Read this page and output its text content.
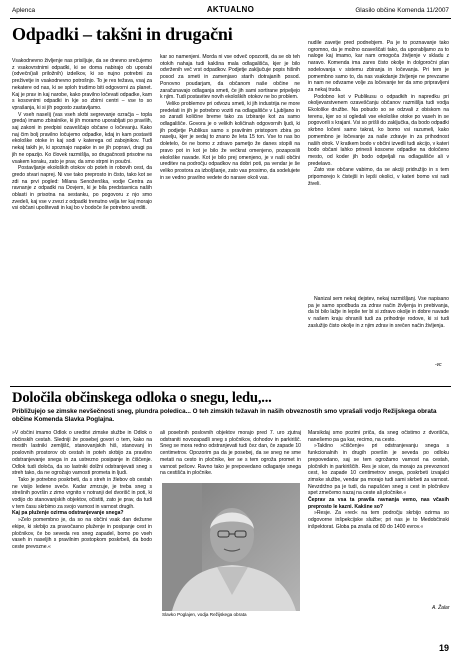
Aplenca	AKTUALNO	Glasilo občine Komenda 11/2007
Odpadki – takšni in drugačni

Vsakodnevno življenje nas prisiljuje, da se dnevno srečujemo z vsakovrstnimi odpadki, ki se doma nabirajo ob uporabi (odvečni)ali priložnih) izdelkov, ki so nujno potrebni za preživetje in vsakodnevno potrošnjo. To je res težava, vsaj za nekatere od nas, ki se sploh trudimo biti odgovorni za planet. Kaj je prav in kaj narobe, kako pravilno ločevati odpadke, kam s kosovnimi odpadki in kje so zbirni centri – vse to so vprašanja, ki si jih pogosto zastavljamo.

V vseh naselij (vas vseh skrbi segrevanje ozračja – topla greda) imamo zbiralnike, ki jih moramo uporabljati po pravilih, saj zakoni in predpisi ozaveščajo občane o ločevanju. Kako naj čim bolj pravilno ločujemo odpadke, kdaj in kam postaviti ekološke otoke in kaj sodi v katerega od zabojnikov. Tudi nekaj takih je, ki spoznajo napake in se jih popravi, drugi pa jih ne opazijo. Ko človek razmišlja, so drugačnosti prisotne na vsakem koraku, zato je prav, da smo strpni in poučni.

Postavljanje ekoloških otokov ob poteh in robovih cest, da gredo stvari naprej. Ni vse tako preprosto in čisto, tako kot se zdi na prvi pogled: Milana Senoženška, vodje Centra za ravnanje z odpadki na Dovjem, ki je bila predstavnica naših oblasti in prisotna na sestanku, po pogovoru z njo smo zvedeli, kaj vse v zvezi z odpadki trenutno velja ter kaj morajo vsi občani upoštevati in kaj bo v bodoče še potrebno urediti.

kar so namenjeni. Morda ni vse odveč opozoriti, da se ob teh otokih nahaja tudi kakšna mala odlagališča, kjer je bilo odvrženih več vrst odpadkov. Podjetje zaključuje popis hišnih posod za smeti in zamenjavo starih dotrajanih posod. Ponovno poudarjam, da občanom naše občine ne zaračunavajo odlaganja smeti, če jih sami sortirane pripeljejo k njim. Tudi postavitev novih ekoloških otokov ne bo problem.

Veliko problemov pri odvozu smeti, ki jih industrija ne more predelati in jih je potrebno voziti na odlagališče v Ljubljano in so zaradi količine breme tako za izbiranje kot za samo odlagališče. Govora je o velikih količinah odgovornih ljudi, ki jih podjetje Publikus samo s pravilnim pristopom zbira po naselju, kjer je sedaj to znano že leta 15 ton. Vse to nas bo doletelo, če ne bomo z zdravo pametjo že danes stopili na pravo pot in kot je bilo že večkrat omenjeno, pozaposlili ekološke navade. Kot je bilo prej omenjeno, je v naši občini ureditev na področju odpadkov na dobri poti, pa vendar je še veliko prostora za izboljšanje, zato vas prosimo, da sodelujete in se vedno pravilno vedete do narave okoli vas.

nudile zavetje pred podnebjem. Pa je to poznavanje tako ogromno, da je možno ozaveščati tako, da uporabljamo za to naloge kaj imamo, kar nam omogoča življenje v skladu z naravo. Komenda ima zares čisto okolje in dolgoročni plan sodelovanja v sistemu zbiranja in ločevanja. Pri tem je pomembno samo to, da nas vsakdanje življenje ne prevzame in nam ne odvzame volje za ločevanje ter da smo pripravljeni za nekaj truda.

Podobno kot v Publikusu o odpadkih in napredku pri okoljevarstvenem ozaveščanju občanov razmišlja tudi vodja Ekološke družbe. Na pobudo so se odzvali z obiskom na terenu, kjer so si ogledali vse ekološke otoke po vaseh in se pogovorili s krajani. Vsi so prišli do zaključka, da bodo odpadki skrbno ločeni samo takrat, ko bomo vsi razumeli, kako pomembno je ločevanje za naše zdravje in za prihodnost naših otrok. V kratkem bodo v občini izvedli tudi akcijo, v kateri bodo občani lahko prinesli kosovne odpadke na določeno mesto, od koder jih bodo odpeljali na odlagališče ali v predelavo.

Zato vse občane vabimo, da se akciji pridružijo in s tem pripomorejo k čistejši in lepši okolici, v kateri bomo vsi radi živeli.

Nanizal sem nekaj dejstev, nekaj razmišljanj. Vse napisano pa je samo spodbuda za zdrav način življenja in prebivanja, da bi bilo lažje in lepše ter bi si zdravo okolje in dobre navade v našem kraju ohranili tudi za prihodnje rodove, ki si tudi zaslužijo čisto okolje in z njim zdrav in srečen način življenja.

-vc
Določila občinskega odloka o snegu, ledu,...
Približujejo se zimske nevšečnosti sneg, plundra poledica... O teh zimskih težavah in naših obveznostih smo vprašali vodjo Režijskega obrata občine Komenda Slavka Poglajna.

»V občini imamo Odlok o ureditvi zimske službe in Odlok o občinskih cestah. Sledniji že posebej govori o tem, kako na mestih lastniki zemljišč, stanovanjskih hiš, stanovanj in poslovnih prostorov ob cestah in poteh skrbijo za pravilno odstranjevanje snega in za ustrezno posipanje in čiščenje. Odlok tudi določa, da so lastniki dolžni odstranjevati sneg s streh tako, da ne ogrožajo varnosti prometa in ljudi.

Tako je potrebno poskrbeti, da s streh in žlebov ob cestah ne visijo ledene sveče. Kadar zmrzuje, je treba sneg s strešnih površin z zimo vrgnito v notranji del dvorišč in poti, ki vodijo do stanovanjskih objektov, očistiti, zato je prav, da tudi v tem času skrbimo za svojo varnost in varnost drugih.

Kaj pa pluženje ozirma odstranjevanje snega?

»Zelo pomembno je, da so na občini vsak dan dežurne ekipe, ki skrbijo za pravočasno pluženje in posipanje cest in pločnikov, če bo seveda res sneg zapadel, bomo po vseh vaseh in naseljih s pravilnim postopkom poskrbeli, da bodo ceste prevozne.«

ali posebnih poslovnih objektov morajo pred 7. uro zjutraj odstraniti novozapadli sneg s pločnikov, dohodov in parkirišč. Sneg se mora redno odstranjevati tudi čez dan, če zapade 10 centimetrov. Opozorim pa da je posebej, da se sneg ne sme metati na cesto in pločnike, ker se s tem ogroža promet in varnost pešcev. Ravno tako je prepovedano odlaganje snega na cestišča in pločnike.

Slavko Poglajen, vodja Režijskega obrata

Marsikdaj smo pozimi priča, da sneg očistimo z dvorišča, nanešemo pa ga kar, recimo, na cesto.

»Takšno »čiščenje« pri odstranjevanju snega s funkcionalnih in drugih površin je seveda po odloku prepovedano, saj se tem ogrožamo varnost na cestah, pločnikih in parkiriščih. Res je sicer, da morajo za prevoznost cest, ko zapade 10 centimetrov snega, poskrbeti izvajalci zimske službe, vendar pa morajo tudi sami skrbeti za varnost. Nevzdržno pa je tudi, da napušćen sneg s cest in pločnikov spet zmečemo nazaj na ceste ali pločnike.«

Čeprav za vsa ta pravila ravnanja vemo, nas včasih preprosto le kazni. Kakšne so?

»Resje. Za »red« na tem področju skrbijo ozirma so odgovorne inšpekcijske službe; pri nas je to Medobčinski inšpektorat. Globa pa znaša od 80 do 1400 evrov.«

A. Žalar
19
